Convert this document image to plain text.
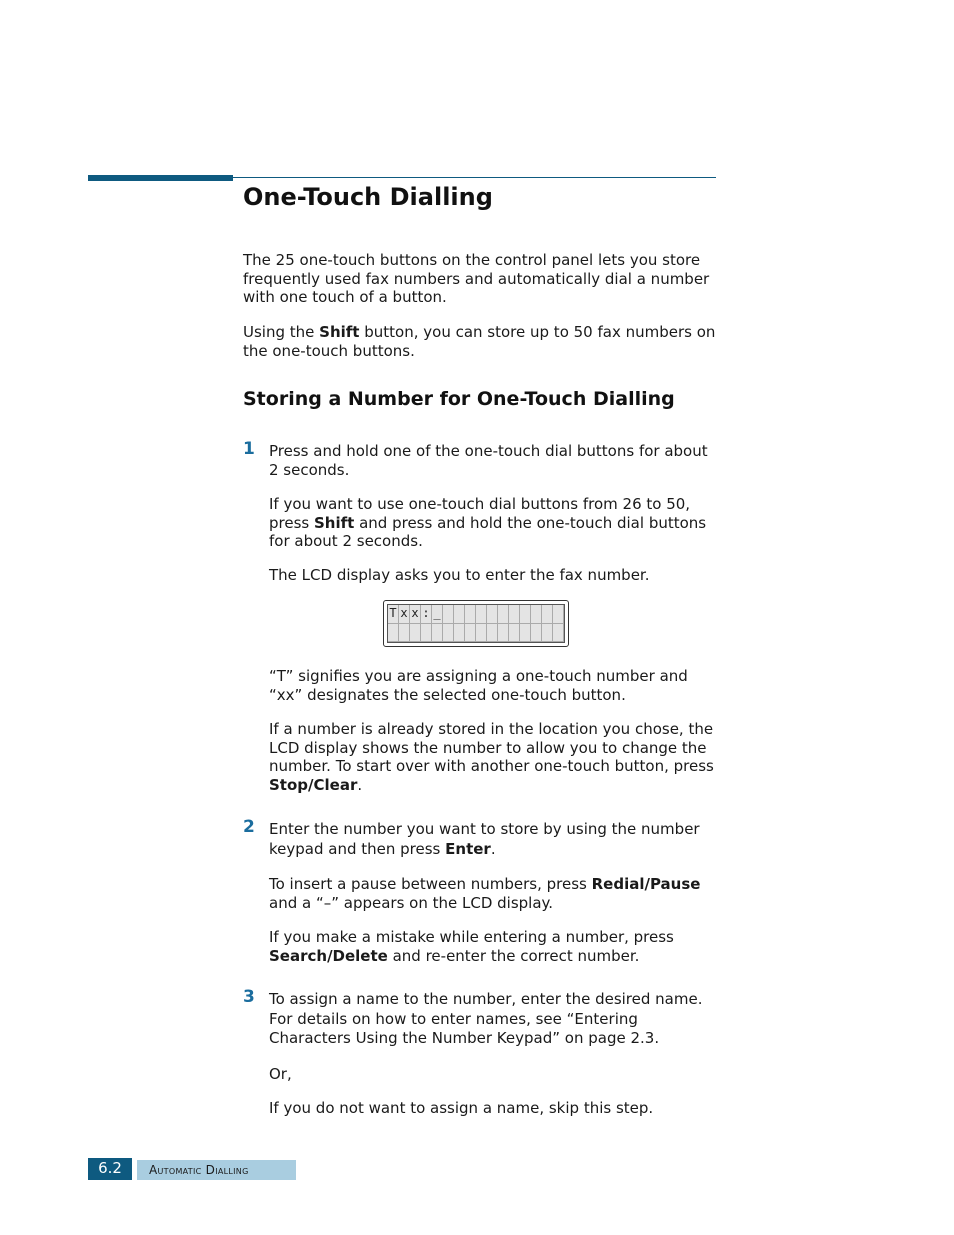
One-Touch Dialling

The 25 one-touch buttons on the control panel lets you store frequently used fax numbers and automatically dial a number with one touch of a button.

Using the Shift button, you can store up to 50 fax numbers on the one-touch buttons.

Storing a Number for One-Touch Dialling
1 Press and hold one of the one-touch dial buttons for about 2 seconds.

If you want to use one-touch dial buttons from 26 to 50, press Shift and press and hold the one-touch dial buttons for about 2 seconds.

The LCD display asks you to enter the fax number.

T x x : _

“T” signifies you are assigning a one-touch number and “xx” designates the selected one-touch button.

If a number is already stored in the location you chose, the LCD display shows the number to allow you to change the number. To start over with another one-touch button, press Stop/Clear.

2 Enter the number you want to store by using the number keypad and then press Enter.

To insert a pause between numbers, press Redial/Pause and a “–” appears on the LCD display.

If you make a mistake while entering a number, press Search/Delete and re-enter the correct number.

3 To assign a name to the number, enter the desired name. For details on how to enter names, see “Entering Characters Using the Number Keypad” on page 2.3.

Or,

If you do not want to assign a name, skip this step.

6.2	Automatic Dialling
